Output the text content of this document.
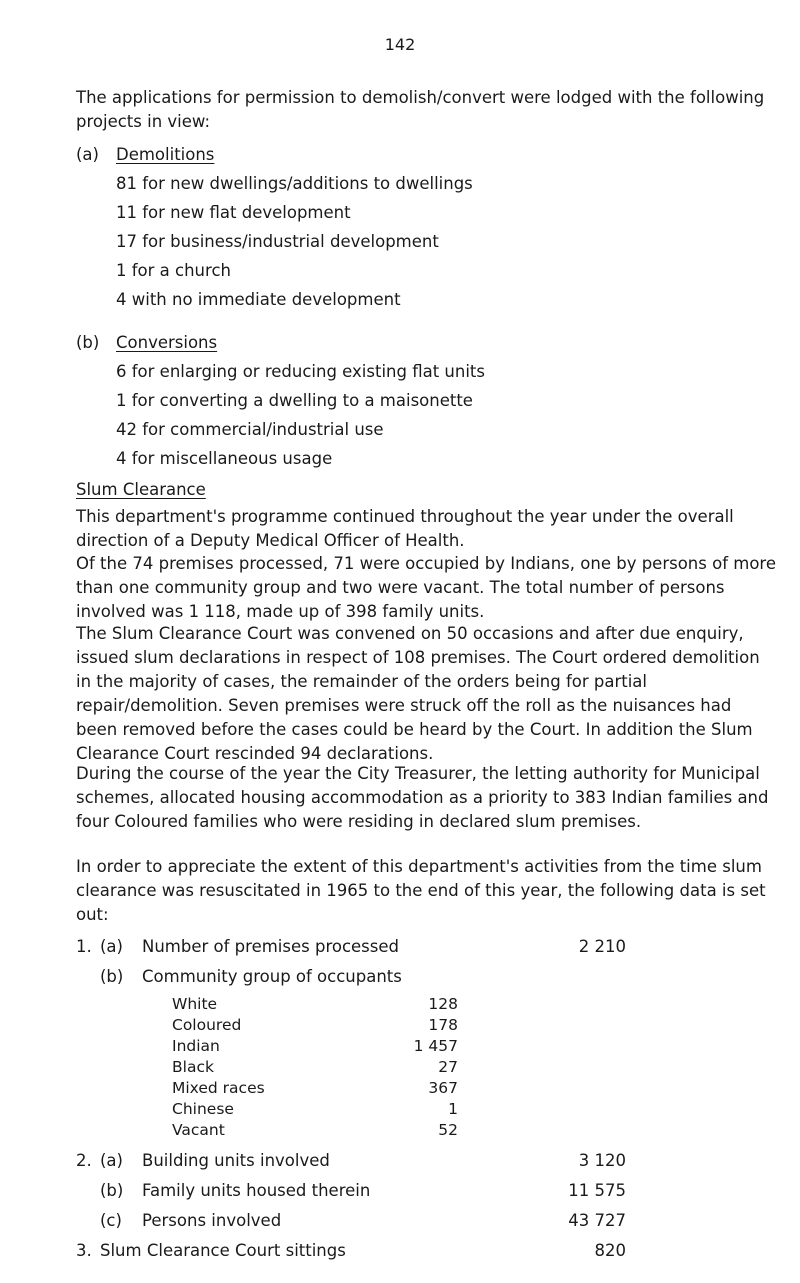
142
The applications for permission to demolish/convert were lodged with the following projects in view:
(a) Demolitions
81 for new dwellings/additions to dwellings
11 for new flat development
17 for business/industrial development
1 for a church
4 with no immediate development
(b) Conversions
6 for enlarging or reducing existing flat units
1 for converting a dwelling to a maisonette
42 for commercial/industrial use
4 for miscellaneous usage
Slum Clearance
This department's programme continued throughout the year under the overall direction of a Deputy Medical Officer of Health.
Of the 74 premises processed, 71 were occupied by Indians, one by persons of more than one community group and two were vacant. The total number of persons involved was 1 118, made up of 398 family units.
The Slum Clearance Court was convened on 50 occasions and after due enquiry, issued slum declarations in respect of 108 premises. The Court ordered demolition in the majority of cases, the remainder of the orders being for partial repair/demolition. Seven premises were struck off the roll as the nuisances had been removed before the cases could be heard by the Court. In addition the Slum Clearance Court rescinded 94 declarations.
During the course of the year the City Treasurer, the letting authority for Municipal schemes, allocated housing accommodation as a priority to 383 Indian families and four Coloured families who were residing in declared slum premises.
In order to appreciate the extent of this department's activities from the time slum clearance was resuscitated in 1965 to the end of this year, the following data is set out:
1. (a) Number of premises processed	2 210
(b) Community group of occupants
White	128
Coloured	178
Indian	1 457
Black	27
Mixed races	367
Chinese	1
Vacant	52
2. (a) Building units involved	3 120
(b) Family units housed therein	11 575
(c) Persons involved	43 727
3. Slum Clearance Court sittings	820
